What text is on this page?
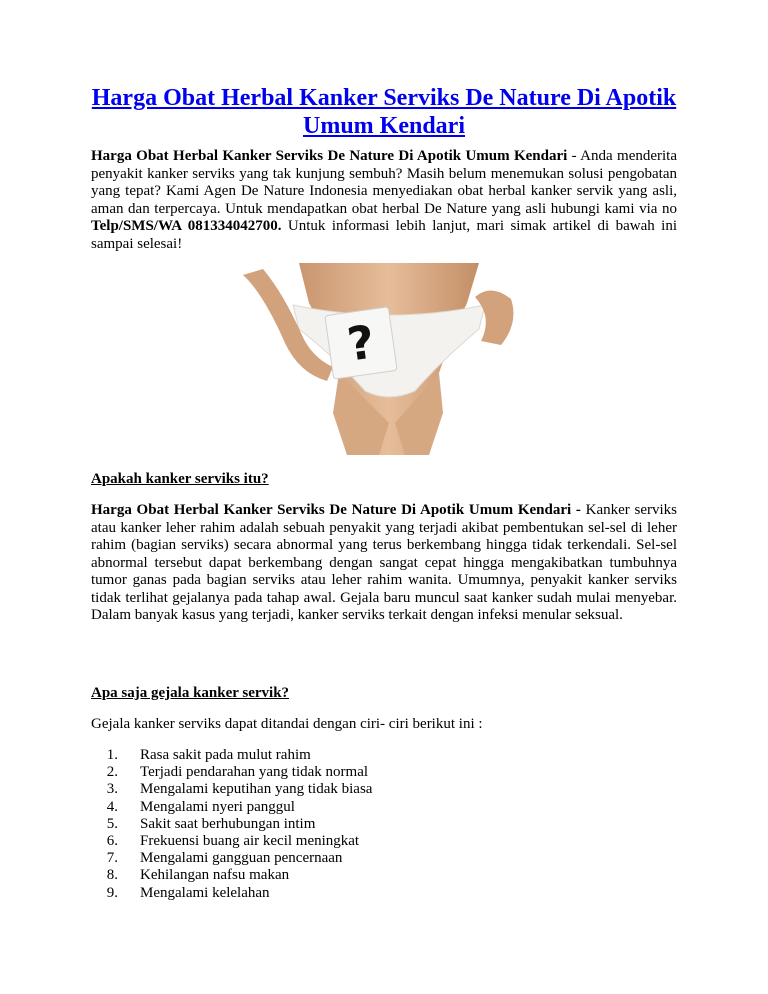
Harga Obat Herbal Kanker Serviks De Nature Di Apotik Umum Kendari

Harga Obat Herbal Kanker Serviks De Nature Di Apotik Umum Kendari - Anda menderita penyakit kanker serviks yang tak kunjung sembuh? Masih belum menemukan solusi pengobatan yang tepat? Kami Agen De Nature Indonesia menyediakan obat herbal kanker servik yang asli, aman dan terpercaya. Untuk mendapatkan obat herbal De Nature yang asli hubungi kami via no Telp/SMS/WA 081334042700. Untuk informasi lebih lanjut, mari simak artikel di bawah ini sampai selesai!

?
Apakah kanker serviks itu?

Harga Obat Herbal Kanker Serviks De Nature Di Apotik Umum Kendari - Kanker serviks atau kanker leher rahim adalah sebuah penyakit yang terjadi akibat pembentukan sel-sel di leher rahim (bagian serviks) secara abnormal yang terus berkembang hingga tidak terkendali. Sel-sel abnormal tersebut dapat berkembang dengan sangat cepat hingga mengakibatkan tumbuhnya tumor ganas pada bagian serviks atau leher rahim wanita. Umumnya, penyakit kanker serviks tidak terlihat gejalanya pada tahap awal. Gejala baru muncul saat kanker sudah mulai menyebar. Dalam banyak kasus yang terjadi, kanker serviks terkait dengan infeksi menular seksual.

Apa saja gejala kanker servik?

Gejala kanker serviks dapat ditandai dengan ciri- ciri berikut ini :

1.	Rasa sakit pada mulut rahim
2.	Terjadi pendarahan yang tidak normal
3.	Mengalami keputihan yang tidak biasa
4.	Mengalami nyeri panggul
5.	Sakit saat berhubungan intim
6.	Frekuensi buang air kecil meningkat
7.	Mengalami gangguan pencernaan
8.	Kehilangan nafsu makan
9.	Mengalami kelelahan
